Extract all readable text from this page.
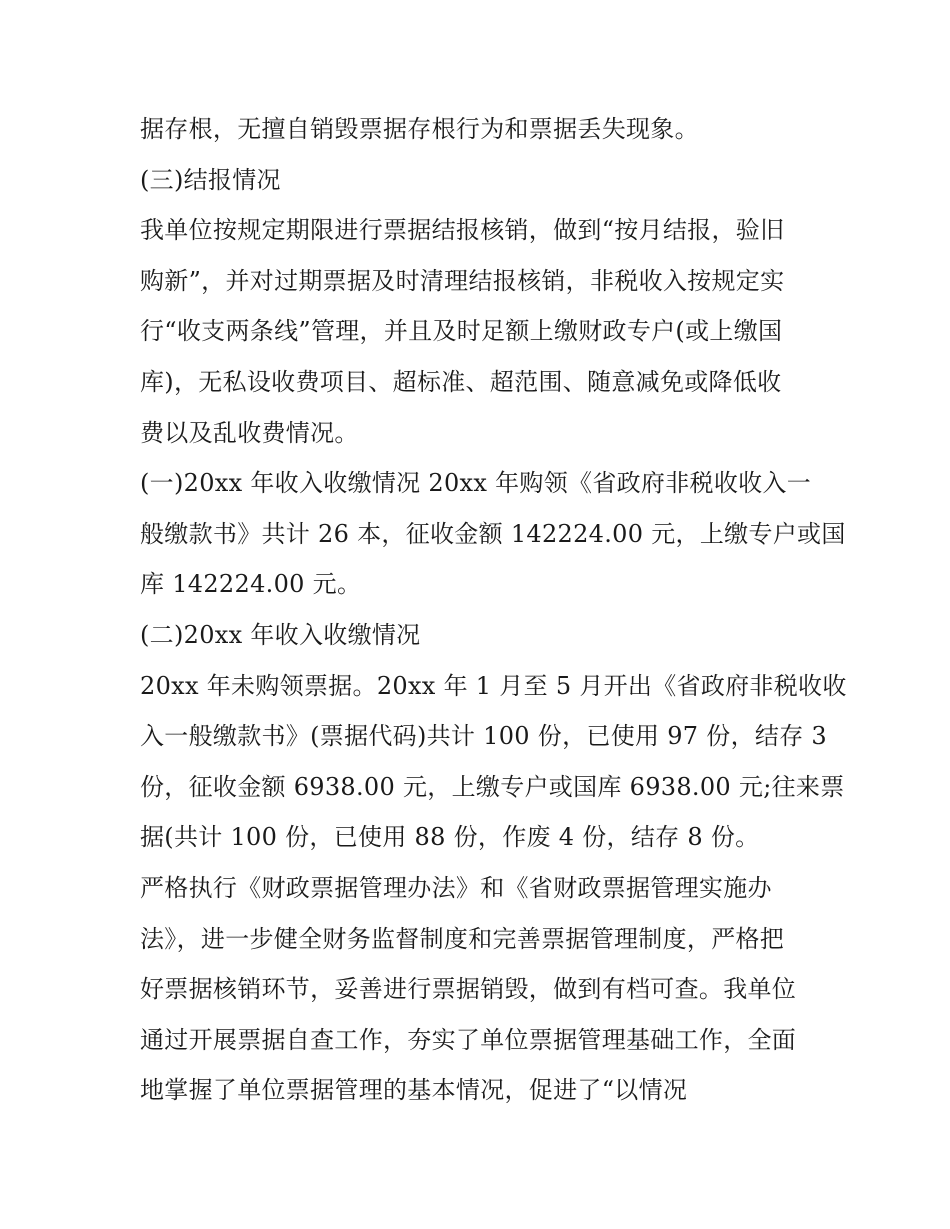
据存根，无擅自销毁票据存根行为和票据丢失现象。
(三)结报情况
我单位按规定期限进行票据结报核销，做到“按月结报，验旧
购新”，并对过期票据及时清理结报核销，非税收入按规定实
行“收支两条线”管理，并且及时足额上缴财政专户(或上缴国
库)，无私设收费项目、超标准、超范围、随意减免或降低收
费以及乱收费情况。
(一)20xx 年收入收缴情况 20xx 年购领《省政府非税收收入一
般缴款书》共计 26 本，征收金额 142224.00 元，上缴专户或国
库 142224.00 元。
(二)20xx 年收入收缴情况
20xx 年未购领票据。20xx 年 1 月至 5 月开出《省政府非税收收
入一般缴款书》(票据代码)共计 100 份，已使用 97 份，结存 3
份，征收金额 6938.00 元，上缴专户或国库 6938.00 元;往来票
据(共计 100 份，已使用 88 份，作废 4 份，结存 8 份。
严格执行《财政票据管理办法》和《省财政票据管理实施办
法》，进一步健全财务监督制度和完善票据管理制度，严格把
好票据核销环节，妥善进行票据销毁，做到有档可查。我单位
通过开展票据自查工作，夯实了单位票据管理基础工作，全面
地掌握了单位票据管理的基本情况，促进了“以情况
